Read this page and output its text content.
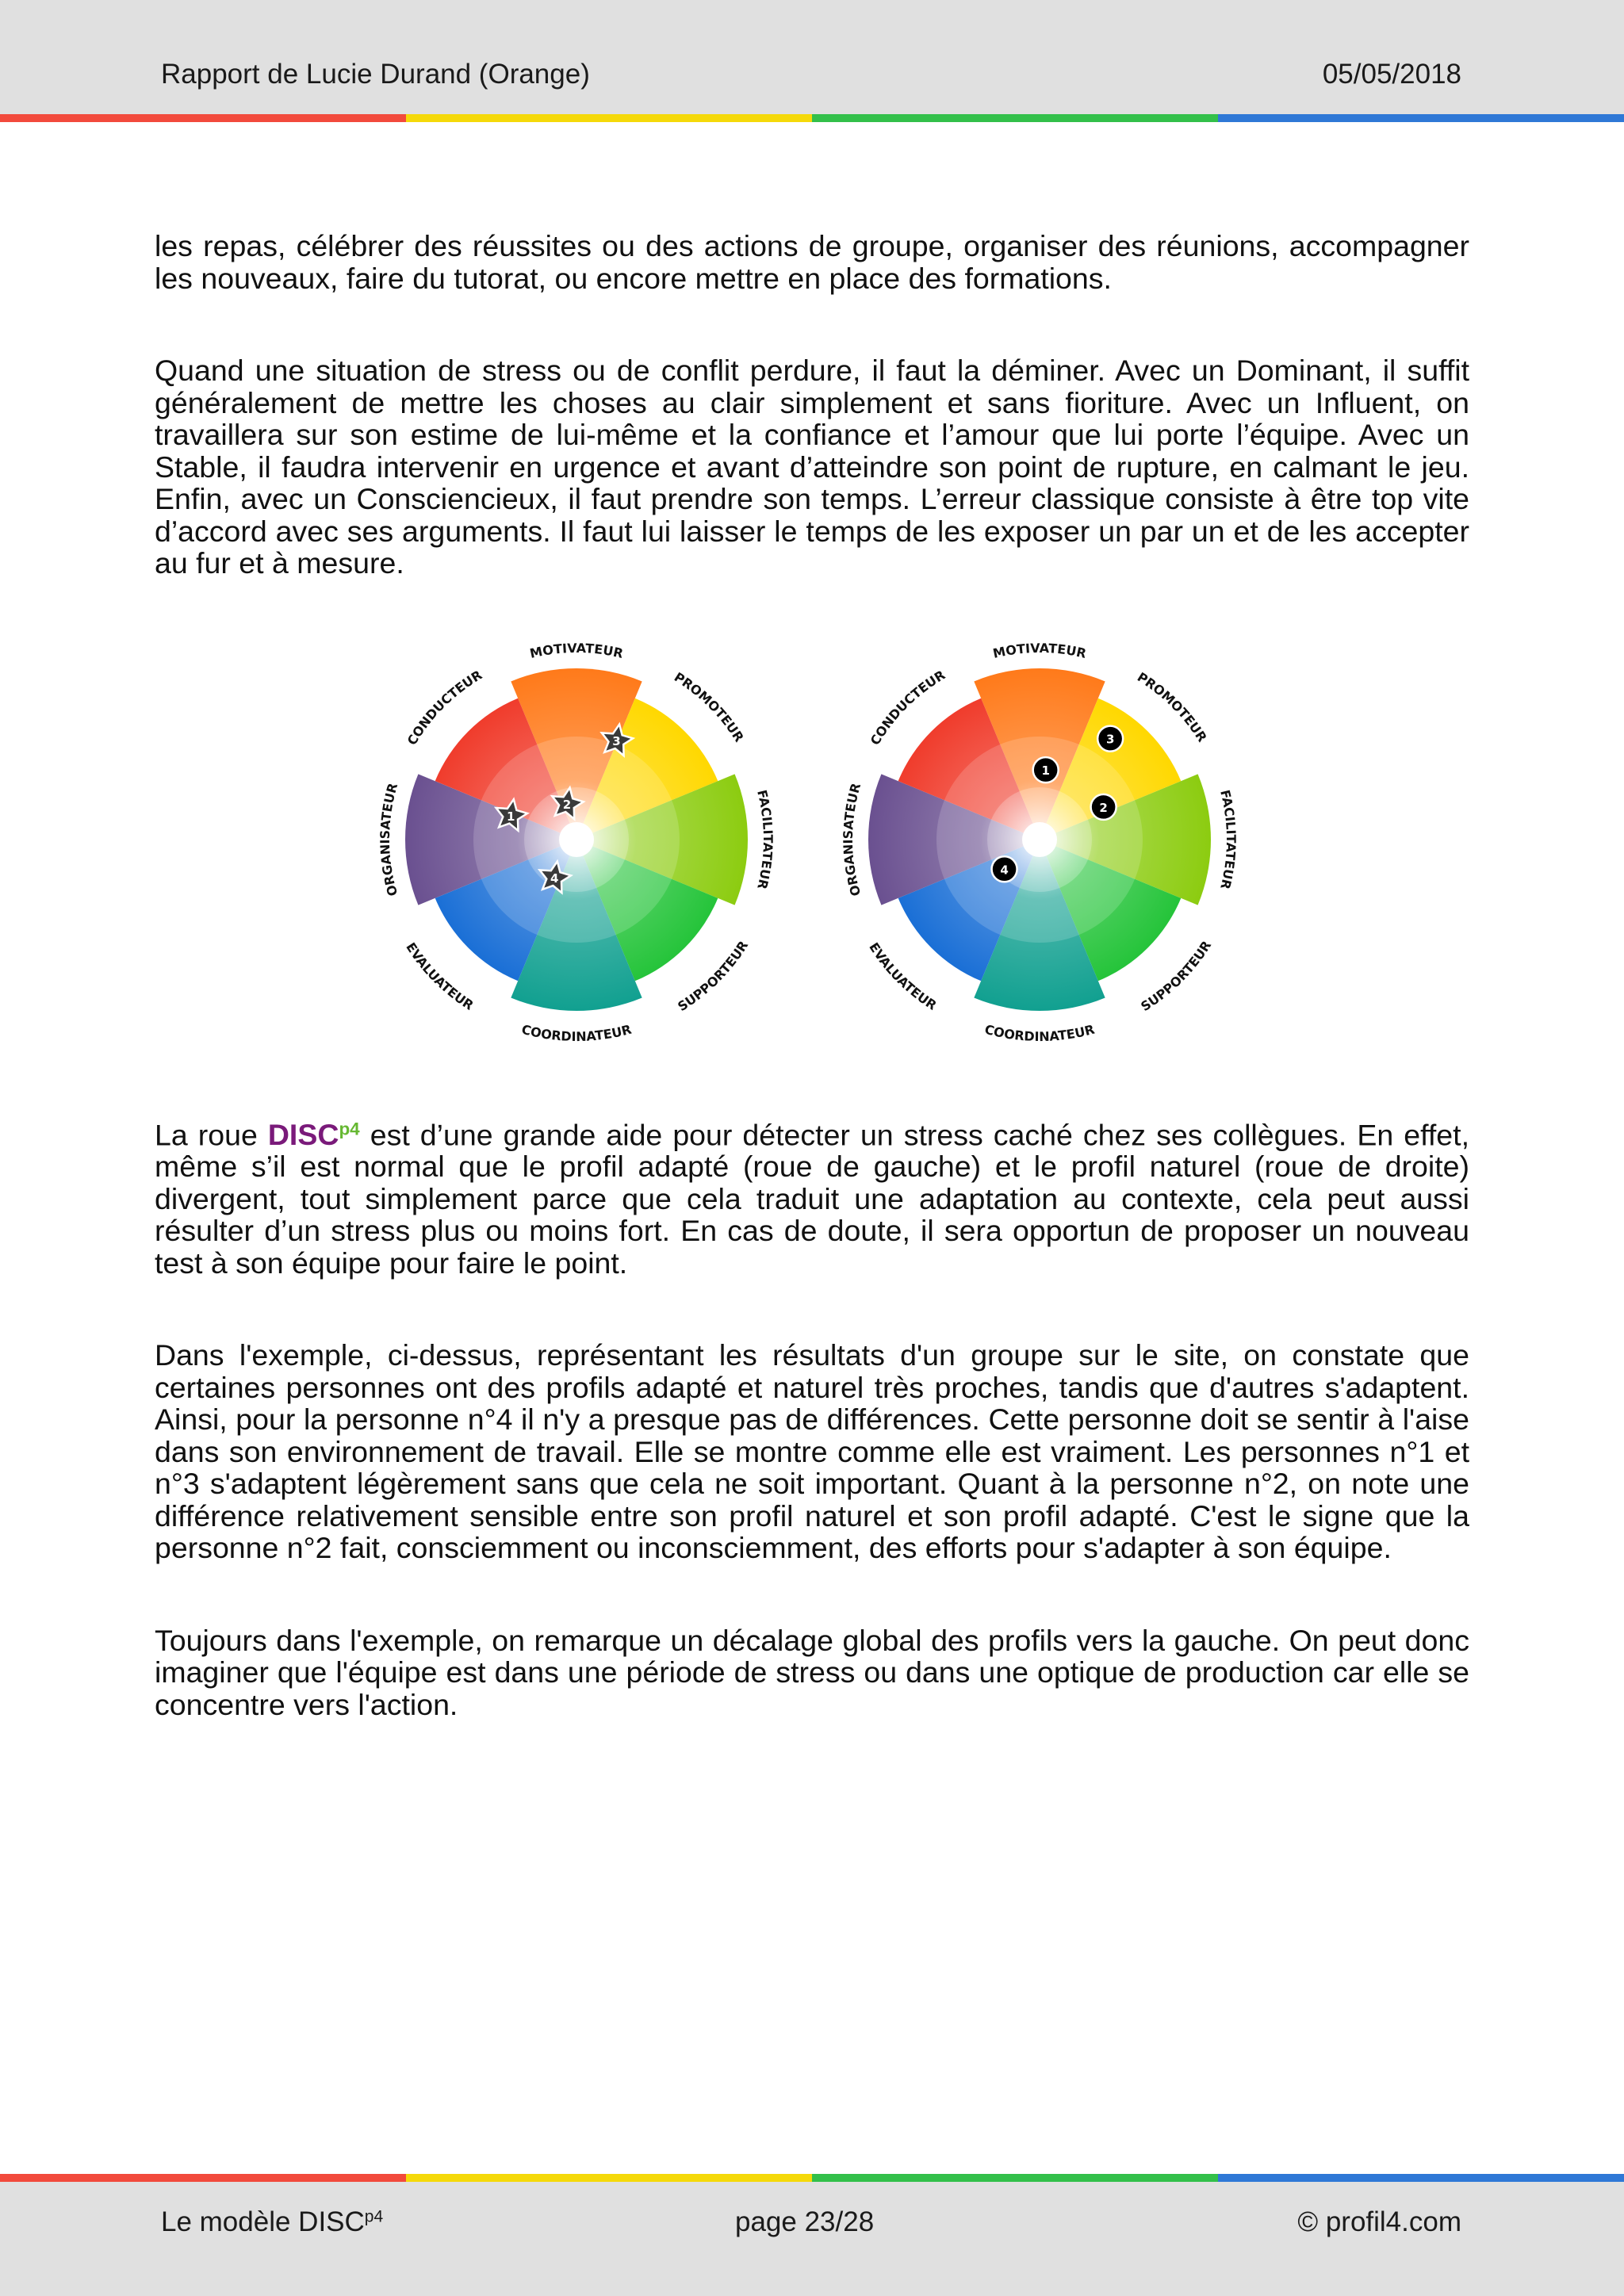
Rapport de Lucie Durand (Orange)	05/05/2018

les repas, célébrer des réussites ou des actions de groupe, organiser des réunions, accompagner les nouveaux, faire du tutorat, ou encore mettre en place des formations.

Quand une situation de stress ou de conflit perdure, il faut la déminer. Avec un Dominant, il suffit généralement de mettre les choses au clair simplement et sans fioriture. Avec un Influent, on travaillera sur son estime de lui-même et la confiance et l’amour que lui porte l’équipe. Avec un Stable, il faudra intervenir en urgence et avant d’atteindre son point de rupture, en calmant le jeu. Enfin, avec un Consciencieux, il faut prendre son temps. L’erreur classique consiste à être top vite d’accord avec ses arguments. Il faut lui laisser le temps de les exposer un par un et de les accepter au fur et à mesure.

MOTIVATEUR
PROMOTEUR
FACILITATEUR
SUPPORTEUR
COORDINATEUR
EVALUATEUR
ORGANISATEUR
CONDUCTEUR
1
2
3
4
MOTIVATEUR
PROMOTEUR
FACILITATEUR
SUPPORTEUR
COORDINATEUR
EVALUATEUR
ORGANISATEUR
CONDUCTEUR
1
2
3
4

La roue $DISC^{p4}$ est d’une grande aide pour détecter un stress caché chez ses collègues. En effet, même s’il est normal que le profil adapté (roue de gauche) et le profil naturel (roue de droite) divergent, tout simplement parce que cela traduit une adaptation au contexte, cela peut aussi résulter d’un stress plus ou moins fort. En cas de doute, il sera opportun de proposer un nouveau test à son équipe pour faire le point.

Dans l'exemple, ci-dessus, représentant les résultats d'un groupe sur le site, on constate que certaines personnes ont des profils adapté et naturel très proches, tandis que d'autres s'adaptent. Ainsi, pour la personne n°4 il n'y a presque pas de différences. Cette personne doit se sentir à l'aise dans son environnement de travail. Elle se montre comme elle est vraiment. Les personnes n°1 et n°3 s'adaptent légèrement sans que cela ne soit important. Quant à la personne n°2, on note une différence relativement sensible entre son profil naturel et son profil adapté. C'est le signe que la personne n°2 fait, consciemment ou inconsciemment, des efforts pour s'adapter à son équipe.

Toujours dans l'exemple, on remarque un décalage global des profils vers la gauche. On peut donc imaginer que l'équipe est dans une période de stress ou dans une optique de production car elle se concentre vers l'action.

Le modèle $DISC^{p4}$	page 23/28	© profil4.com
